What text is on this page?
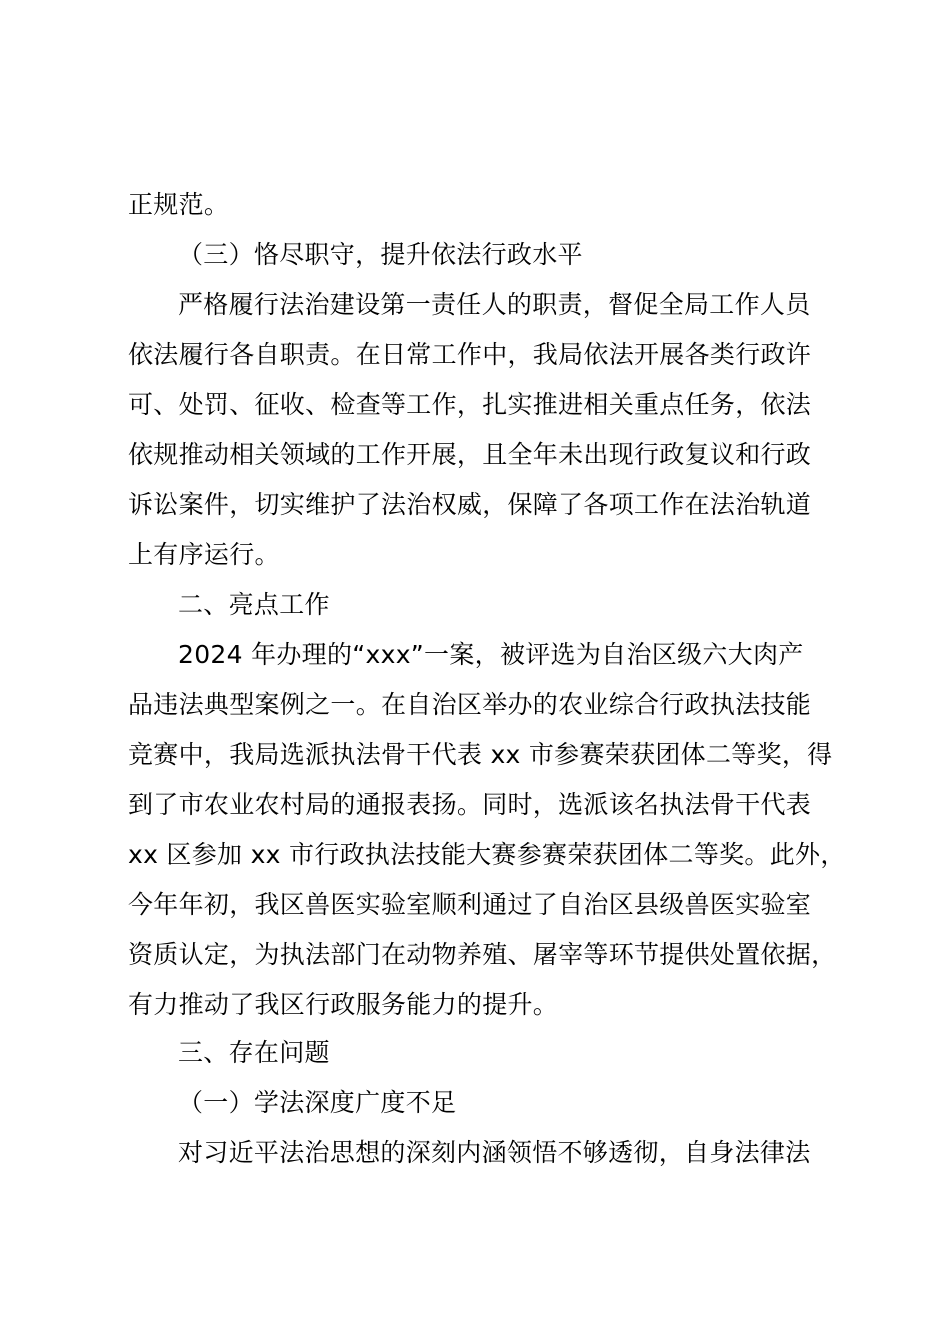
正规范。
（三）恪尽职守，提升依法行政水平
严格履行法治建设第一责任人的职责，督促全局工作人员
依法履行各自职责。在日常工作中，我局依法开展各类行政许
可、处罚、征收、检查等工作，扎实推进相关重点任务，依法
依规推动相关领域的工作开展，且全年未出现行政复议和行政
诉讼案件，切实维护了法治权威，保障了各项工作在法治轨道
上有序运行。
二、亮点工作
2024 年办理的“xxx”一案，被评选为自治区级六大肉产
品违法典型案例之一。在自治区举办的农业综合行政执法技能
竞赛中，我局选派执法骨干代表 xx 市参赛荣获团体二等奖，得
到了市农业农村局的通报表扬。同时，选派该名执法骨干代表
xx 区参加 xx 市行政执法技能大赛参赛荣获团体二等奖。此外，
今年年初，我区兽医实验室顺利通过了自治区县级兽医实验室
资质认定，为执法部门在动物养殖、屠宰等环节提供处置依据，
有力推动了我区行政服务能力的提升。
三、存在问题
（一）学法深度广度不足
对习近平法治思想的深刻内涵领悟不够透彻，自身法律法
